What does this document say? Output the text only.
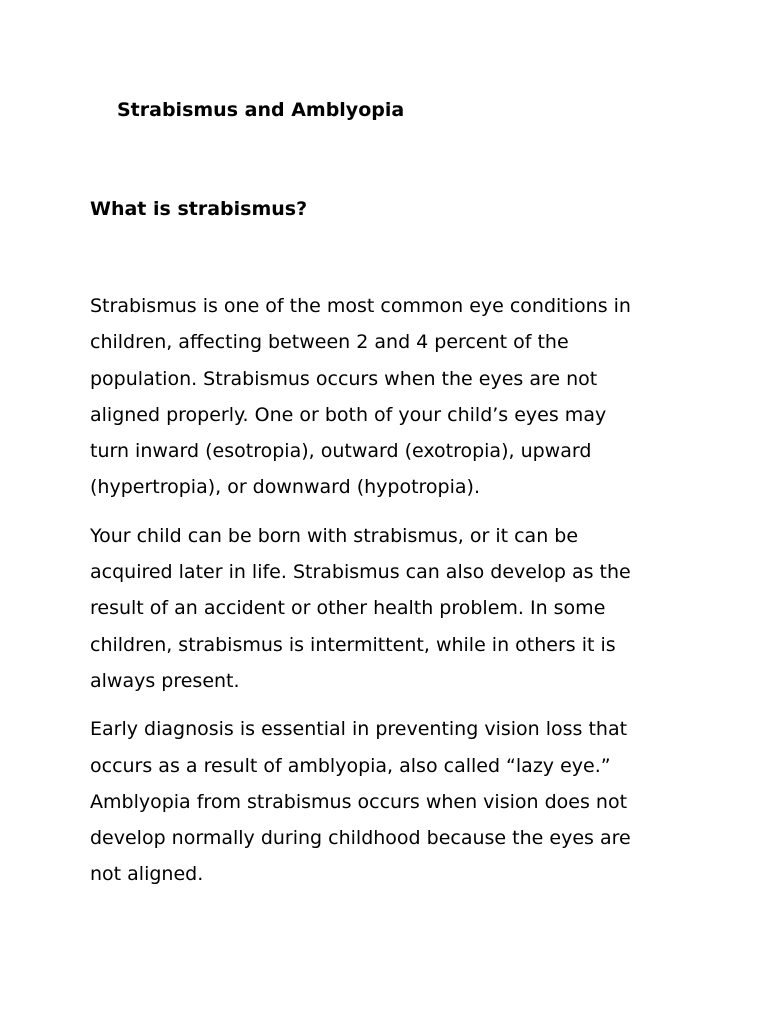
Strabismus and Amblyopia
What is strabismus?

Strabismus is one of the most common eye conditions in
children, affecting between 2 and 4 percent of the
population. Strabismus occurs when the eyes are not
aligned properly. One or both of your child’s eyes may
turn inward (esotropia), outward (exotropia), upward
(hypertropia), or downward (hypotropia).

Your child can be born with strabismus, or it can be
acquired later in life. Strabismus can also develop as the
result of an accident or other health problem. In some
children, strabismus is intermittent, while in others it is
always present.

Early diagnosis is essential in preventing vision loss that
occurs as a result of amblyopia, also called “lazy eye.”
Amblyopia from strabismus occurs when vision does not
develop normally during childhood because the eyes are
not aligned.
